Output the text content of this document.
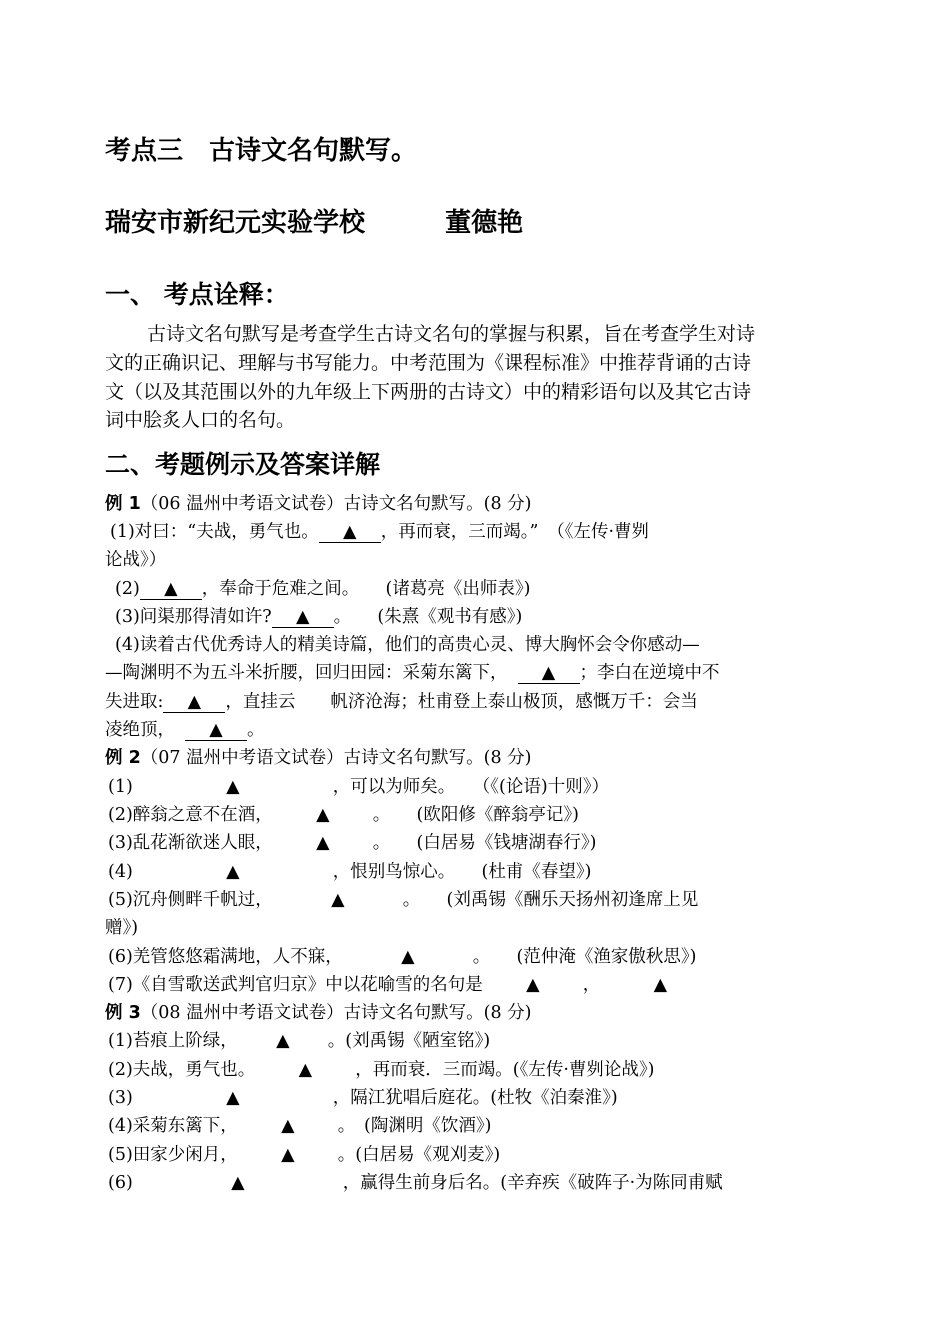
考点三　古诗文名句默写。
瑞安市新纪元实验学校	董德艳
一、 考点诠释：
古诗文名句默写是考查学生古诗文名句的掌握与积累，旨在考查学生对诗
文的正确识记、理解与书写能力。中考范围为《课程标准》中推荐背诵的古诗
文（以及其范围以外的九年级上下两册的古诗文）中的精彩语句以及其它古诗
词中脍炙人口的名句。
二、考题例示及答案详解
例 1（06 温州中考语文试卷）古诗文名句默写。(8 分)
(1)对曰：“夫战，勇气也。 ▲ ，再而衰，三而竭。”　（《左传·曹刿
论战》）
(2) ▲ ，奉命于危难之间。　　(诸葛亮《出师表》)
(3)问渠那得清如许? ▲ 。　　(朱熹《观书有感》)
(4)读着古代优秀诗人的精美诗篇，他们的高贵心灵、博大胸怀会令你感动—
—陶渊明不为五斗米折腰，回归田园：采菊东篱下， ▲ ；李白在逆境中不
失进取: ▲ ，直挂云　　帆济沧海；杜甫登上泰山极顶，感慨万千：会当
凌绝顶， ▲ 。
例 2（07 温州中考语文试卷）古诗文名句默写。(8 分)
(1)	▲	，可以为师矣。　　（《(论语)十则》）
(2)醉翁之意不在酒， ▲ 。　　(欧阳修《醉翁亭记》)
(3)乱花渐欲迷人眼， ▲ 。　　(白居易《钱塘湖春行》)
(4)	▲	，恨别鸟惊心。　　(杜甫《春望》)
(5)沉舟侧畔千帆过，	▲	。　　(刘禹锡《酬乐天扬州初逢席上见
赠》)
(6)羌管悠悠霜满地，人不寐，	▲	。　　(范仲淹《渔家傲秋思》)
(7)《自雪歌送武判官归京》中以花喻雪的名句是 ▲ ，	▲
例 3（08 温州中考语文试卷）古诗文名句默写。(8 分)
(1)苔痕上阶绿， ▲ 。(刘禹锡《陋室铭》)
(2)夫战，勇气也。 ▲ ，再而衰．三而竭。(《左传·曹刿论战》)
(3)	▲	，隔江犹唱后庭花。(杜牧《泊秦淮》)
(4)采菊东篱下， ▲ 。　(陶渊明《饮酒》)
(5)田家少闲月， ▲ 。(白居易《观刈麦》)
(6)	▲	，赢得生前身后名。(辛弃疾《破阵子·为陈同甫赋
